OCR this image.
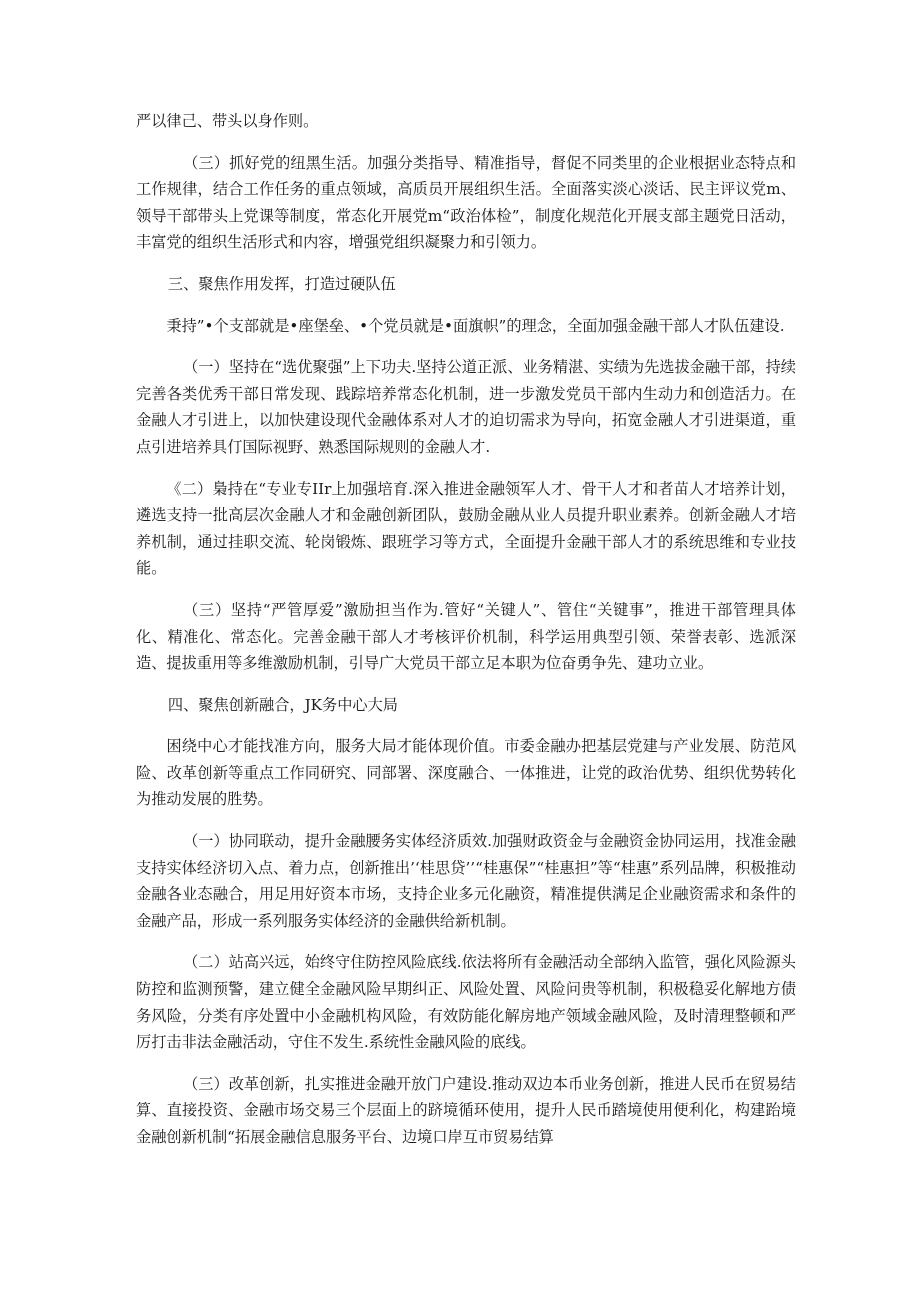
严以律己、带头以身作则。

（三）抓好党的纽黑生活。加强分类指导、精准指导，督促不同类里的企业根据业态特点和工作规律，结合工作任务的重点领域，高质员开展组织生活。全面落实淡心淡话、民主评议党m、领导干部带头上党课等制度，常态化开展党m“政治体检”，制度化规范化开展支部主题党日活动，丰富党的组织生活形式和内容，增强党组织凝聚力和引领力。

三、聚焦作用发挥，打造过硬队伍

秉持”•个支部就是•座堡垒、•个党员就是•面旗帜”的理念，全面加强金融干部人才队伍建设.

（一）坚持在“选优聚强”上下功夫.坚持公道正派、业务精湛、实绩为先选拔金融干部，持续完善各类优秀干部日常发现、践踪培养常态化机制，进一步激发党员干部内生动力和创造活力。在金融人才引进上，以加快建设现代金融体系对人才的迫切需求为导向，拓宽金融人才引进渠道，重点引进培养具仃国际视野、熟悉国际规则的金融人才.

《二）梟持在“专业专IIr上加强培育.深入推进金融领军人才、骨干人才和者苗人才培养计划，遴选支持一批高层次金融人才和金融创新团队，鼓励金融从业人员提升职业素养。创新金融人才培养机制，通过挂职交流、轮岗锻炼、跟班学习等方式，全面提升金融干部人才的系统思维和专业技能。

（三）坚持“严管厚爱”激励担当作为.管好“关键人”、管住“关键事”，推进干部管理具体化、精准化、常态化。完善金融干部人才考核评价机制，科学运用典型引领、荣誉表彰、选派深造、提拔重用等多维激励机制，引导广大党员干部立足本职为位奋勇争先、建功立业。

四、聚焦创新融合，JK务中心大局

困绕中心才能找准方向，服务大局才能体现价值。市委金融办把基层党建与产业发展、防范风险、改革创新等重点工作同研究、同部署、深度融合、一体推进，让党的政治优势、组织优势转化为推动发展的胜势。

（一）协同联动，提升金融腰务实体经济质效.加强财政资金与金融资金协同运用，找准金融支持实体经济切入点、着力点，创新推出’‘桂思贷’’“桂惠保”“桂惠担”等“桂惠”系列品牌，积极推动金融各业态融合，用足用好资本市场，支持企业多元化融资，精准提供满足企业融资需求和条件的金融产品，形成一系列服务实体经济的金融供给新机制。

（二）站高兴远，始终守住防控风险底线.依法将所有金融活动全部纳入监管，强化风险源头防控和监测预警，建立健全金融风险早期纠正、风险处置、风险问贵等机制，积极稳妥化解地方债务风险，分类有序处置中小金融机构风险，有效防能化解房地产领域金融风险，及时清理整顿和严厉打击非法金融活动，守住不发生.系统性金融风险的底线。

（三）改革创新，扎实推进金融开放门户建设.推动双边本币业务创新，推进人民币在贸易结算、直接投资、金融市场交易三个层面上的跻境循环使用，提升人民币踏境使用便利化，构建跆境金融创新机制“拓展金融信息服务平台、边境口岸互市贸易结算
